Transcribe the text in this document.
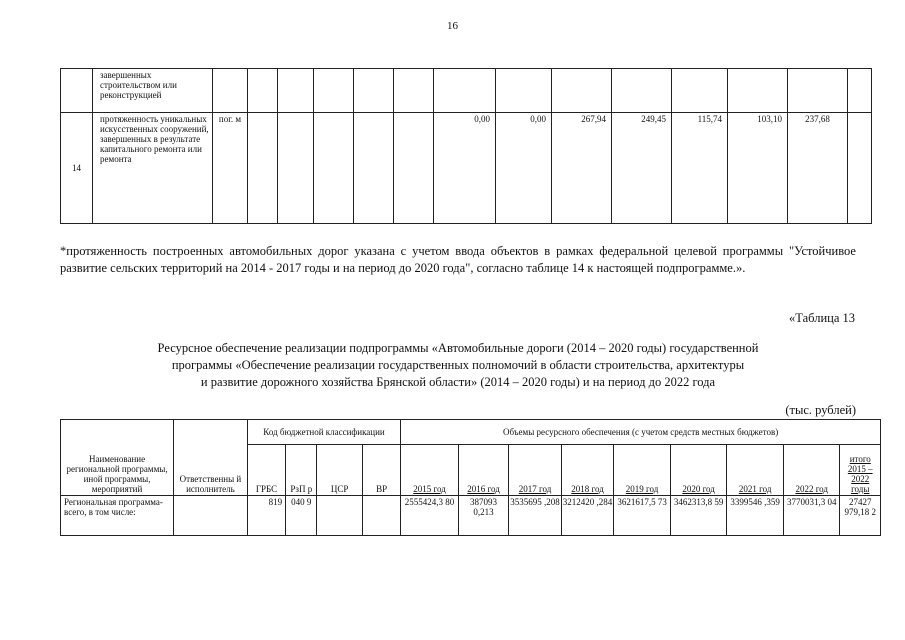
16
	завершенных строительством или реконструкцией														
14	протяженность уникальных искусственных сооружений, завершенных в результате капитального ремонта или ремонта	пог. м						0,00	0,00	267,94	249,45	115,74	103,10	237,68	
*протяженность построенных автомобильных дорог указана с учетом ввода объектов в рамках федеральной целевой программы "Устойчивое развитие сельских территорий на 2014 - 2017 годы и на период до 2020 года", согласно таблице 14 к настоящей подпрограмме.».
«Таблица 13
Ресурсное обеспечение реализации подпрограммы «Автомобильные дороги (2014 – 2020 годы) государственной
программы «Обеспечение реализации государственных полномочий в области строительства, архитектуры
и развитие дорожного хозяйства Брянской области» (2014 – 2020 годы) и на период до 2022 года
(тыс. рублей)
Наименование региональной программы, иной программы, мероприятий	Ответственны й исполнитель	Код бюджетной классификации				Объемы ресурсного обеспечения (с учетом средств местных бюджетов)								
		ГРБС	РзП р	ЦСР	ВР	2015 год	2016 год	2017 год	2018 год	2019 год	2020 год	2021 год	2022 год	итого 2015 – 2022 годы
Региональная программа- всего, в том числе:		819	040 9			2555424,3 80	387093 0,213	3535695 ,208	3212420 ,284	3621617,5 73	3462313,8 59	3399546 ,359	3770031,3 04	27427 979,18 2
